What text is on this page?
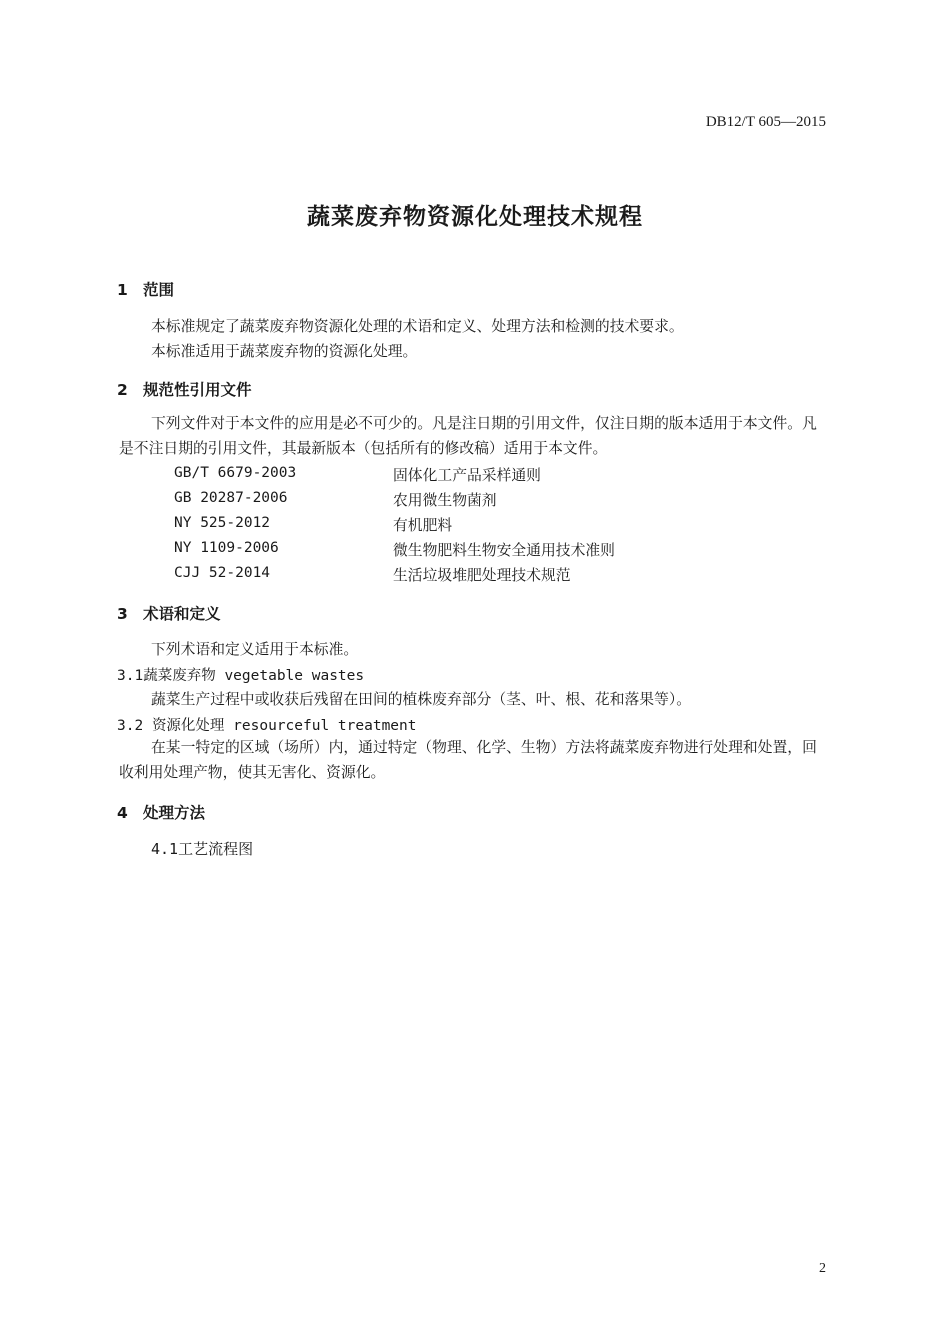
DB12/T 605—2015
蔬菜废弃物资源化处理技术规程
1 范围
本标准规定了蔬菜废弃物资源化处理的术语和定义、处理方法和检测的技术要求。
本标准适用于蔬菜废弃物的资源化处理。
2 规范性引用文件
下列文件对于本文件的应用是必不可少的。凡是注日期的引用文件，仅注日期的版本适用于本文件。凡是不注日期的引用文件，其最新版本（包括所有的修改稿）适用于本文件。
GB/T 6679-2003	固体化工产品采样通则
GB 20287-2006	农用微生物菌剂
NY 525-2012	有机肥料
NY 1109-2006	微生物肥料生物安全通用技术准则
CJJ 52-2014	生活垃圾堆肥处理技术规范
3 术语和定义
下列术语和定义适用于本标准。
3.1蔬菜废弃物 vegetable wastes
蔬菜生产过程中或收获后残留在田间的植株废弃部分（茎、叶、根、花和落果等）。
3.2 资源化处理 resourceful treatment
在某一特定的区域（场所）内，通过特定（物理、化学、生物）方法将蔬菜废弃物进行处理和处置，回收利用处理产物，使其无害化、资源化。
4 处理方法
4.1工艺流程图
2
